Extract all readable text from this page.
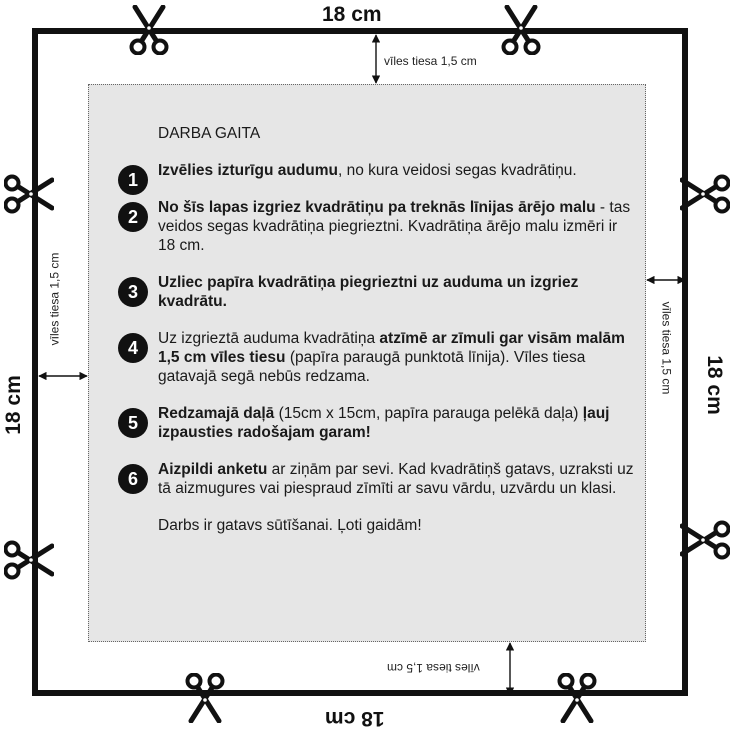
18 cm
18 cm
18 cm	18 cm
vīles tiesa 1,5 cm
vīles tiesa 1,5 cm
vīles tiesa 1,5 cm
vīles tiesa 1,5 cm
DARBA GAITA
1	Izvēlies izturīgu audumu, no kura veidosi segas kvadrātiņu.

2	No šīs lapas izgriez kvadrātiņu pa treknās līnijas ārējo malu - tas veidos segas kvadrātiņa piegrieztni. Kvadrātiņa ārējo malu izmēri ir 18 cm.

3	Uzliec papīra kvadrātiņa piegrieztni uz auduma un izgriez kvadrātu.

4	Uz izgrieztā auduma kvadrātiņa atzīmē ar zīmuli gar visām malām 1,5 cm vīles tiesu (papīra paraugā punktotā līnija). Vīles tiesa gatavajā segā nebūs redzama.

5	Redzamajā daļā (15cm x 15cm, papīra parauga pelēkā daļa) ļauj izpausties radošajam garam!

6	Aizpildi anketu ar ziņām par sevi. Kad kvadrātiņš gatavs, uzraksti uz tā aizmugures vai piespraud zīmīti ar savu vārdu, uzvārdu un klasi.

Darbs ir gatavs sūtīšanai. Ļoti gaidām!
